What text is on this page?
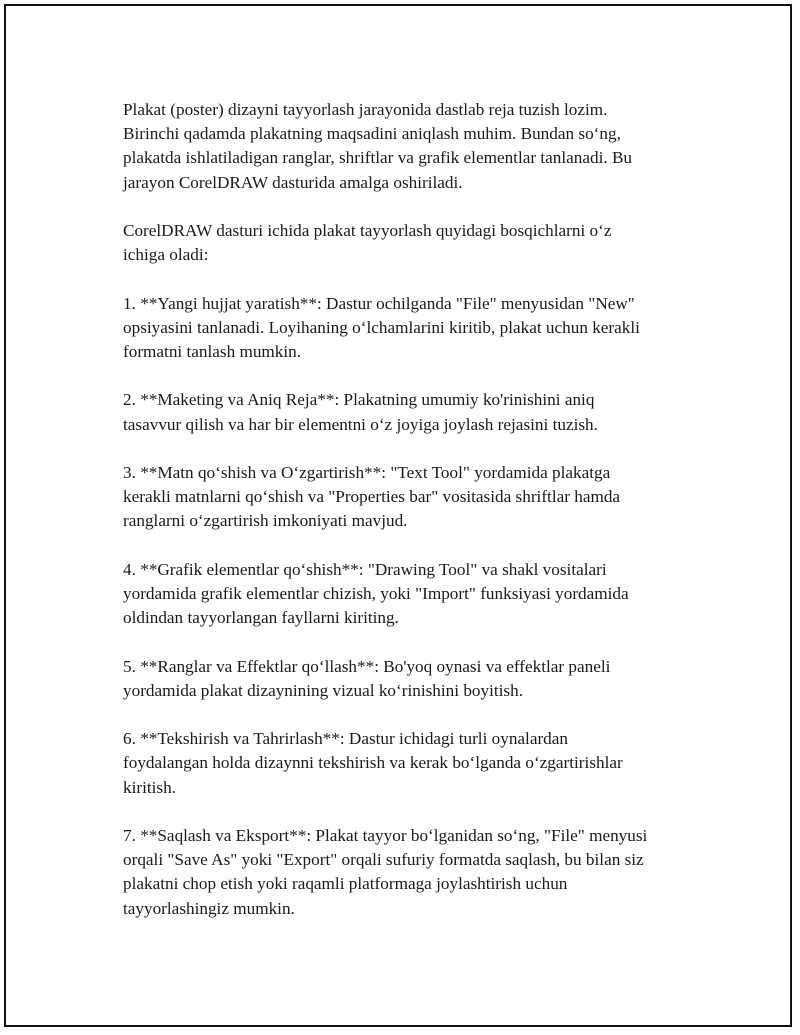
Plakat (poster) dizayni tayyorlash jarayonida dastlab reja tuzish lozim.
Birinchi qadamda plakatning maqsadini aniqlash muhim. Bundan so‘ng,
plakatda ishlatiladigan ranglar, shriftlar va grafik elementlar tanlanadi. Bu
jarayon CorelDRAW dasturida amalga oshiriladi.

CorelDRAW dasturi ichida plakat tayyorlash quyidagi bosqichlarni o‘z
ichiga oladi:

1. **Yangi hujjat yaratish**: Dastur ochilganda "File" menyusidan "New"
opsiyasini tanlanadi. Loyihaning o‘lchamlarini kiritib, plakat uchun kerakli
formatni tanlash mumkin.

2. **Maketing va Aniq Reja**: Plakatning umumiy ko'rinishini aniq
tasavvur qilish va har bir elementni o‘z joyiga joylash rejasini tuzish.

3. **Matn qo‘shish va O‘zgartirish**: "Text Tool" yordamida plakatga
kerakli matnlarni qo‘shish va "Properties bar" vositasida shriftlar hamda
ranglarni o‘zgartirish imkoniyati mavjud.

4. **Grafik elementlar qo‘shish**: "Drawing Tool" va shakl vositalari
yordamida grafik elementlar chizish, yoki "Import" funksiyasi yordamida
oldindan tayyorlangan fayllarni kiriting.

5. **Ranglar va Effektlar qo‘llash**: Bo'yoq oynasi va effektlar paneli
yordamida plakat dizaynining vizual ko‘rinishini boyitish.

6. **Tekshirish va Tahrirlash**: Dastur ichidagi turli oynalardan
foydalangan holda dizaynni tekshirish va kerak bo‘lganda o‘zgartirishlar
kiritish.

7. **Saqlash va Eksport**: Plakat tayyor bo‘lganidan so‘ng, "File" menyusi
orqali "Save As" yoki "Export" orqali sufuriy formatda saqlash, bu bilan siz
plakatni chop etish yoki raqamli platformaga joylashtirish uchun
tayyorlashingiz mumkin.
